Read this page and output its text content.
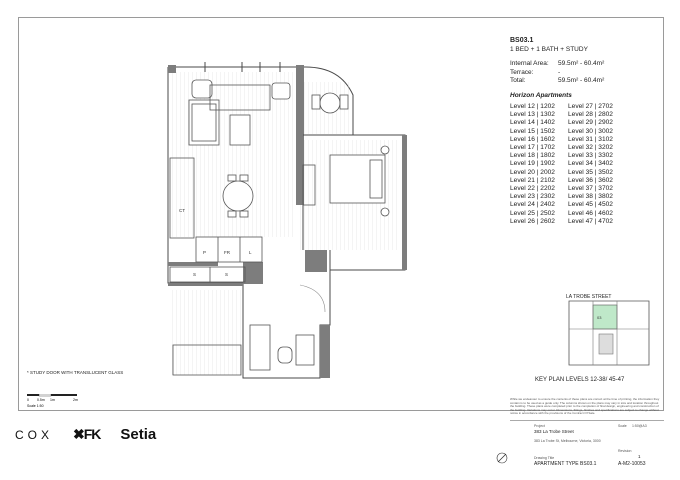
CT
P	FR	L
S	S
BS03.1
1 BED + 1 BATH + STUDY
Internal Area:	59.5m² - 60.4m²
Terrace:	-
Total:	59.5m² - 60.4m²
Horizon Apartments
Level 12 | 1202
Level 13 | 1302
Level 14 | 1402
Level 15 | 1502
Level 16 | 1602
Level 17 | 1702
Level 18 | 1802
Level 19 | 1902
Level 20 | 2002
Level 21 | 2102
Level 22 | 2202
Level 23 | 2302
Level 24 | 2402
Level 25 | 2502
Level 26 | 2602
Level 27 | 2702
Level 28 | 2802
Level 29 | 2902
Level 30 | 3002
Level 31 | 3102
Level 32 | 3202
Level 33 | 3302
Level 34 | 3402
Level 35 | 3502
Level 36 | 3602
Level 37 | 3702
Level 38 | 3802
Level 45 | 4502
Level 46 | 4602
Level 47 | 4702
03
LA TROBE STREET
KEY PLAN LEVELS 12-38/ 45-47
* STUDY DOOR WITH TRANSLUCENT GLASS
0 0.5m 1m	2m
Scale 1:50
While we endeavour to ensure the contents of these plans are correct at the time of printing, the information they contain is to be used as a guide only. The columns shown on the plans may vary in size and location throughout the building. These plans were completed prior to the completion of final design, engineering and construction of the building. Variations may occur. Dimensions, fittings, finishes and specifications are subject to change without notice in accordance with the provisions of the Contract Of Sale.
COX ✖FK Setia	Project
383 La Trobe Street
383 La Trobe St, Melbourne, Victoria, 3000
Drawing Title
APARTMENT TYPE BS03.1
Scale 1:50@A3
Revision
1
A-M2-10053
